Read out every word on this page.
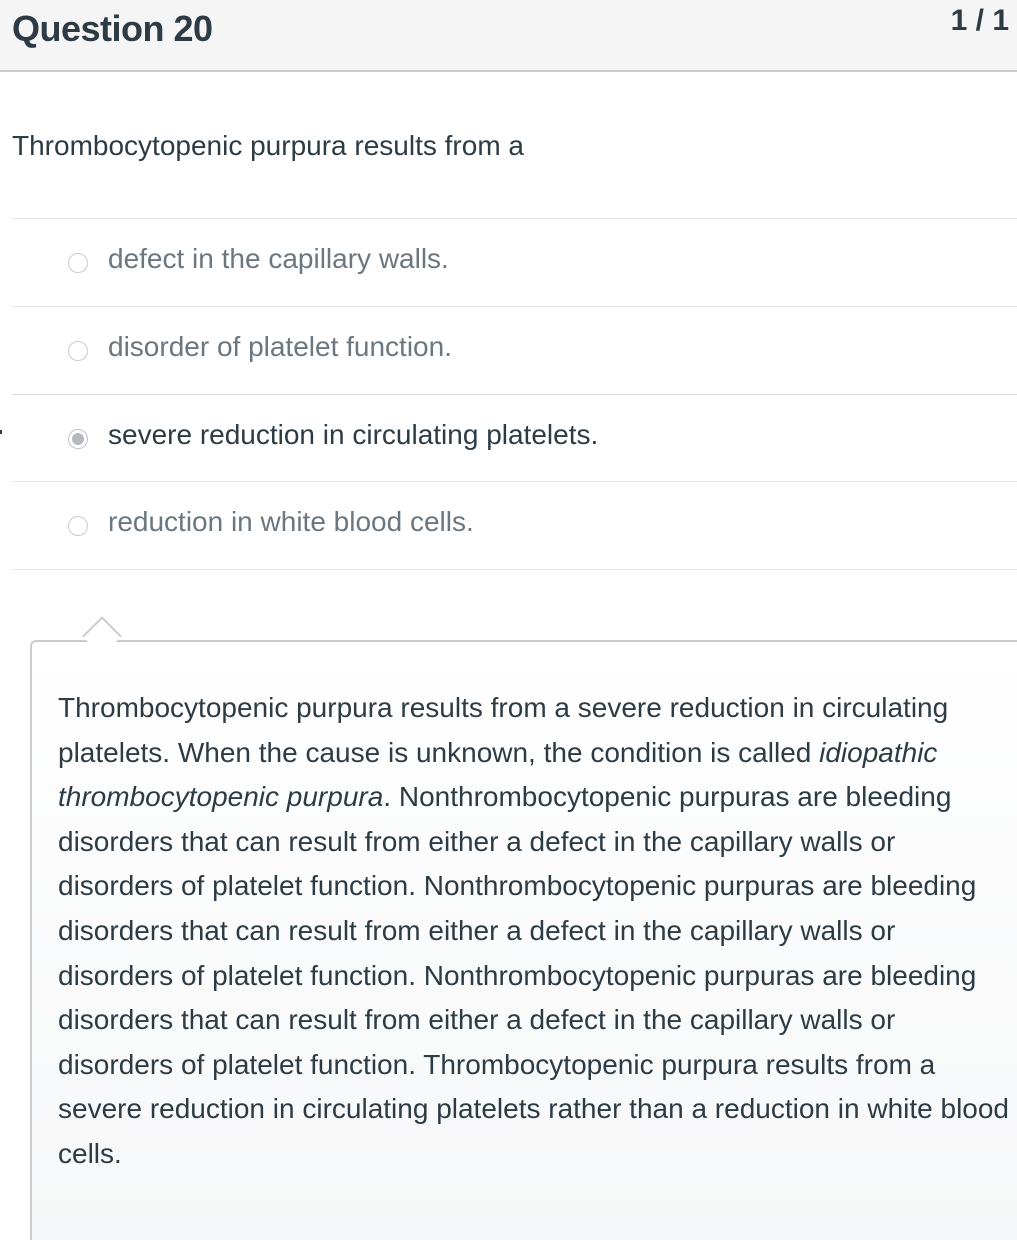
Question 20	1 / 1
Thrombocytopenic purpura results from a
defect in the capillary walls.
disorder of platelet function.
severe reduction in circulating platelets.
reduction in white blood cells.
Thrombocytopenic purpura results from a severe reduction in circulating platelets. When the cause is unknown, the condition is called idiopathic thrombocytopenic purpura. Nonthrombocytopenic purpuras are bleeding disorders that can result from either a defect in the capillary walls or disorders of platelet function. Nonthrombocytopenic purpuras are bleeding disorders that can result from either a defect in the capillary walls or disorders of platelet function. Nonthrombocytopenic purpuras are bleeding disorders that can result from either a defect in the capillary walls or disorders of platelet function. Thrombocytopenic purpura results from a severe reduction in circulating platelets rather than a reduction in white blood cells.
